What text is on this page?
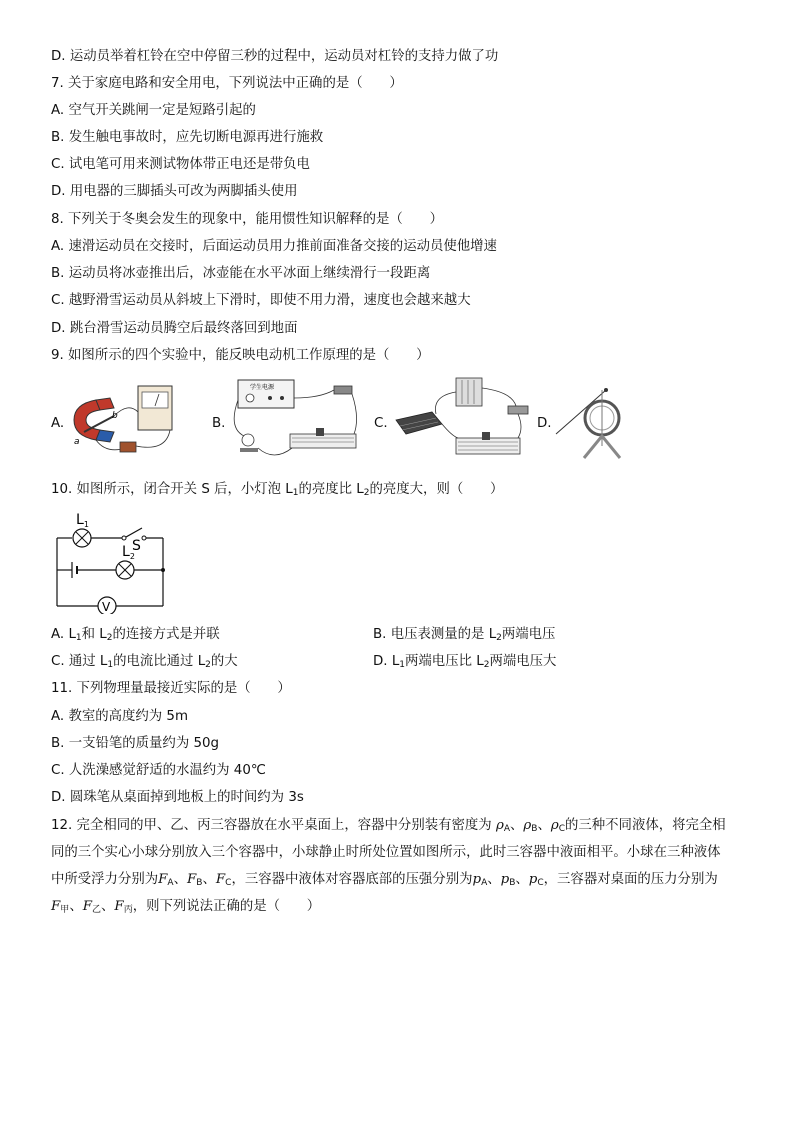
D. 运动员举着杠铃在空中停留三秒的过程中，运动员对杠铃的支持力做了功
7. 关于家庭电路和安全用电，下列说法中正确的是（　　）
A. 空气开关跳闸一定是短路引起的
B. 发生触电事故时，应先切断电源再进行施救
C. 试电笔可用来测试物体带正电还是带负电
D. 用电器的三脚插头可改为两脚插头使用
8. 下列关于冬奥会发生的现象中，能用惯性知识解释的是（　　）
A. 速滑运动员在交接时，后面运动员用力推前面准备交接的运动员使他增速
B. 运动员将冰壶推出后，冰壶能在水平冰面上继续滑行一段距离
C. 越野滑雪运动员从斜坡上下滑时，即使不用力滑，速度也会越来越大
D. 跳台滑雪运动员腾空后最终落回到地面
9. 如图所示的四个实验中，能反映电动机工作原理的是（　　）
A.	B.	C.	D.
a
b
学生电源
10. 如图所示，闭合开关 S 后，小灯泡 $L_1$的亮度比 $L_2$的亮度大，则（　　）
$L_1$
S
$L_2$
V
A. $L_1$和 $L_2$的连接方式是并联	B. 电压表测量的是 $L_2$两端电压
C. 通过 $L_1$的电流比通过 $L_2$的大	D. $L_1$两端电压比 $L_2$两端电压大
11. 下列物理量最接近实际的是（　　）
A. 教室的高度约为 5m
B. 一支铅笔的质量约为 50g
C. 人洗澡感觉舒适的水温约为 40℃
D. 圆珠笔从桌面掉到地板上的时间约为 3s
12. 完全相同的甲、乙、丙三容器放在水平桌面上，容器中分别装有密度为 $\rho_A$、$\rho_B$、$\rho_C$的三种不同液体，将完全相
同的三个实心小球分别放入三个容器中，小球静止时所处位置如图所示，此时三容器中液面相平。小球在三种液体
中所受浮力分别为$F_A$、$F_B$、$F_C$，三容器中液体对容器底部的压强分别为$p_A$、$p_B$、$p_C$，三容器对桌面的压力分别为
$F_甲$、$F_乙$、$F_丙$，则下列说法正确的是（　　）
